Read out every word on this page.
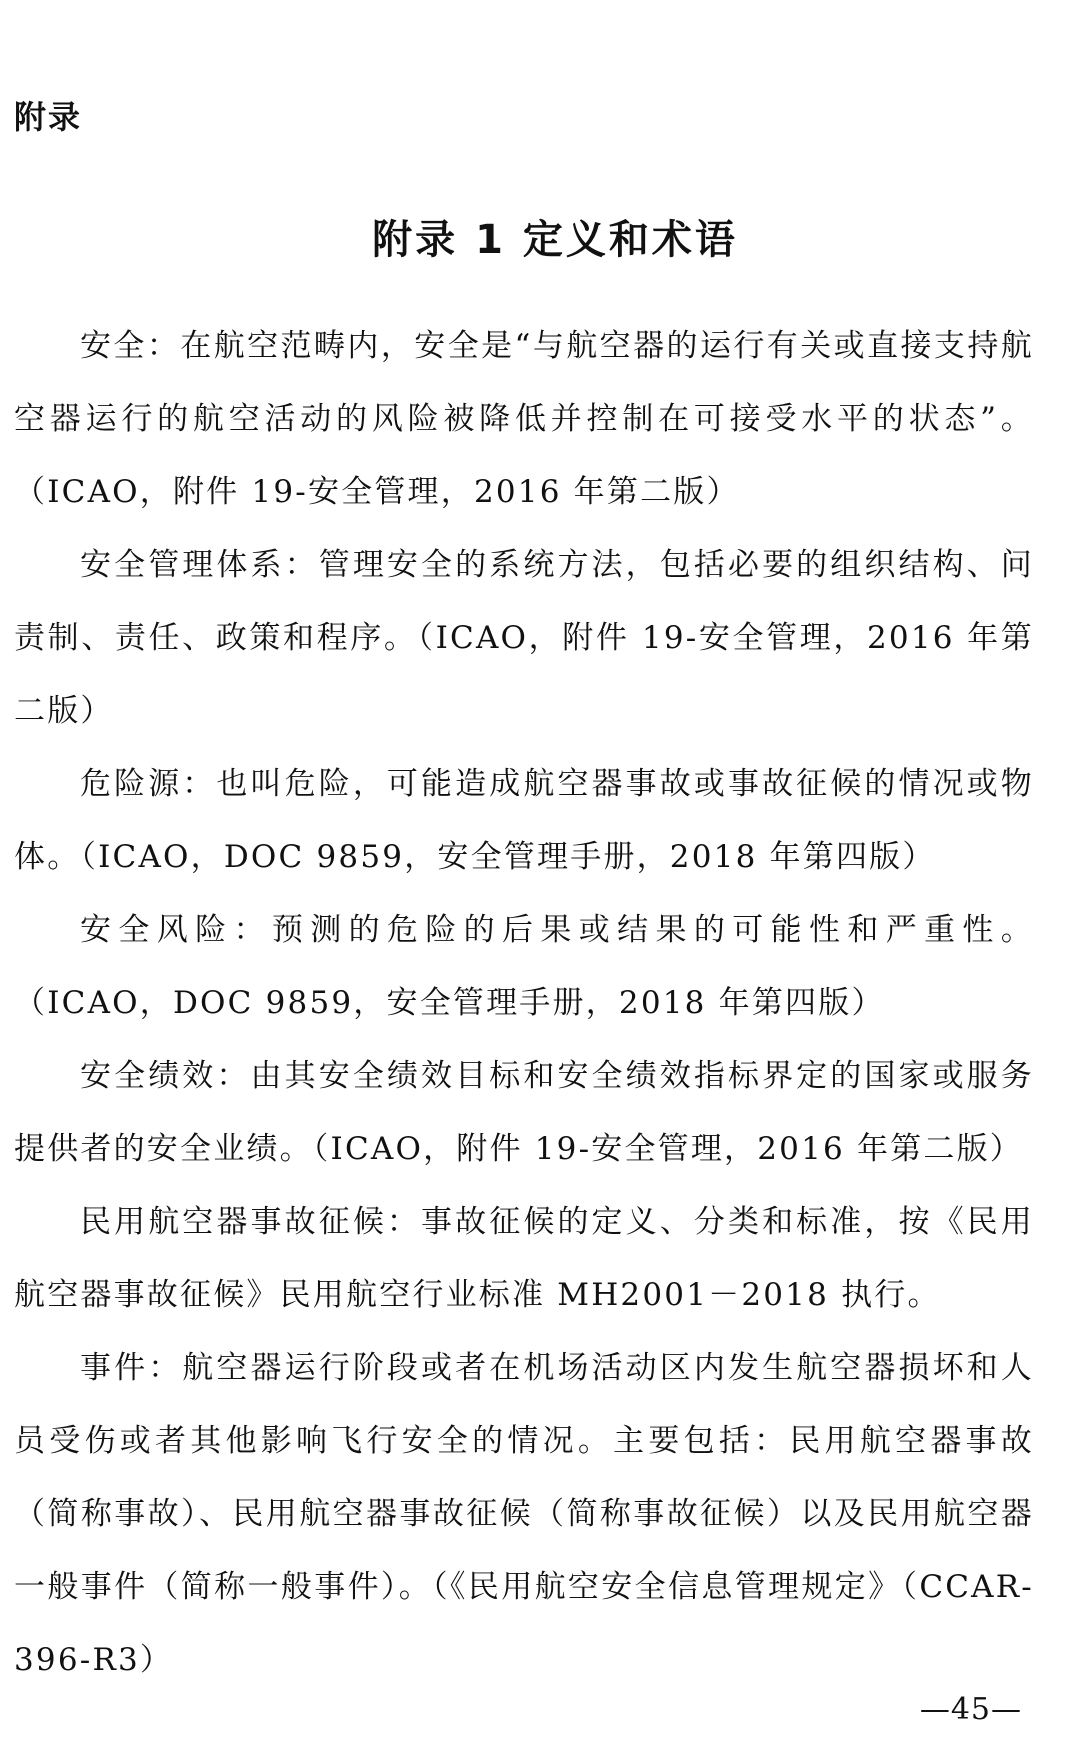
附录
附录 1 定义和术语

安全：在航空范畴内，安全是“与航空器的运行有关或直接支持航空器运行的航空活动的风险被降低并控制在可接受水平的状态”。（ICAO，附件 19-安全管理，2016 年第二版）

安全管理体系：管理安全的系统方法，包括必要的组织结构、问责制、责任、政策和程序。（ICAO，附件 19-安全管理，2016 年第二版）

危险源：也叫危险，可能造成航空器事故或事故征候的情况或物体。（ICAO，DOC 9859，安全管理手册，2018 年第四版）

安全风险：预测的危险的后果或结果的可能性和严重性。（ICAO，DOC 9859，安全管理手册，2018 年第四版）

安全绩效：由其安全绩效目标和安全绩效指标界定的国家或服务提供者的安全业绩。（ICAO，附件 19-安全管理，2016 年第二版）

民用航空器事故征候：事故征候的定义、分类和标准，按《民用航空器事故征候》民用航空行业标准 MH2001－2018 执行。

事件：航空器运行阶段或者在机场活动区内发生航空器损坏和人员受伤或者其他影响飞行安全的情况。主要包括：民用航空器事故（简称事故）、民用航空器事故征候（简称事故征候）以及民用航空器一般事件（简称一般事件）。（《民用航空安全信息管理规定》（CCAR-396-R3）

—45—
